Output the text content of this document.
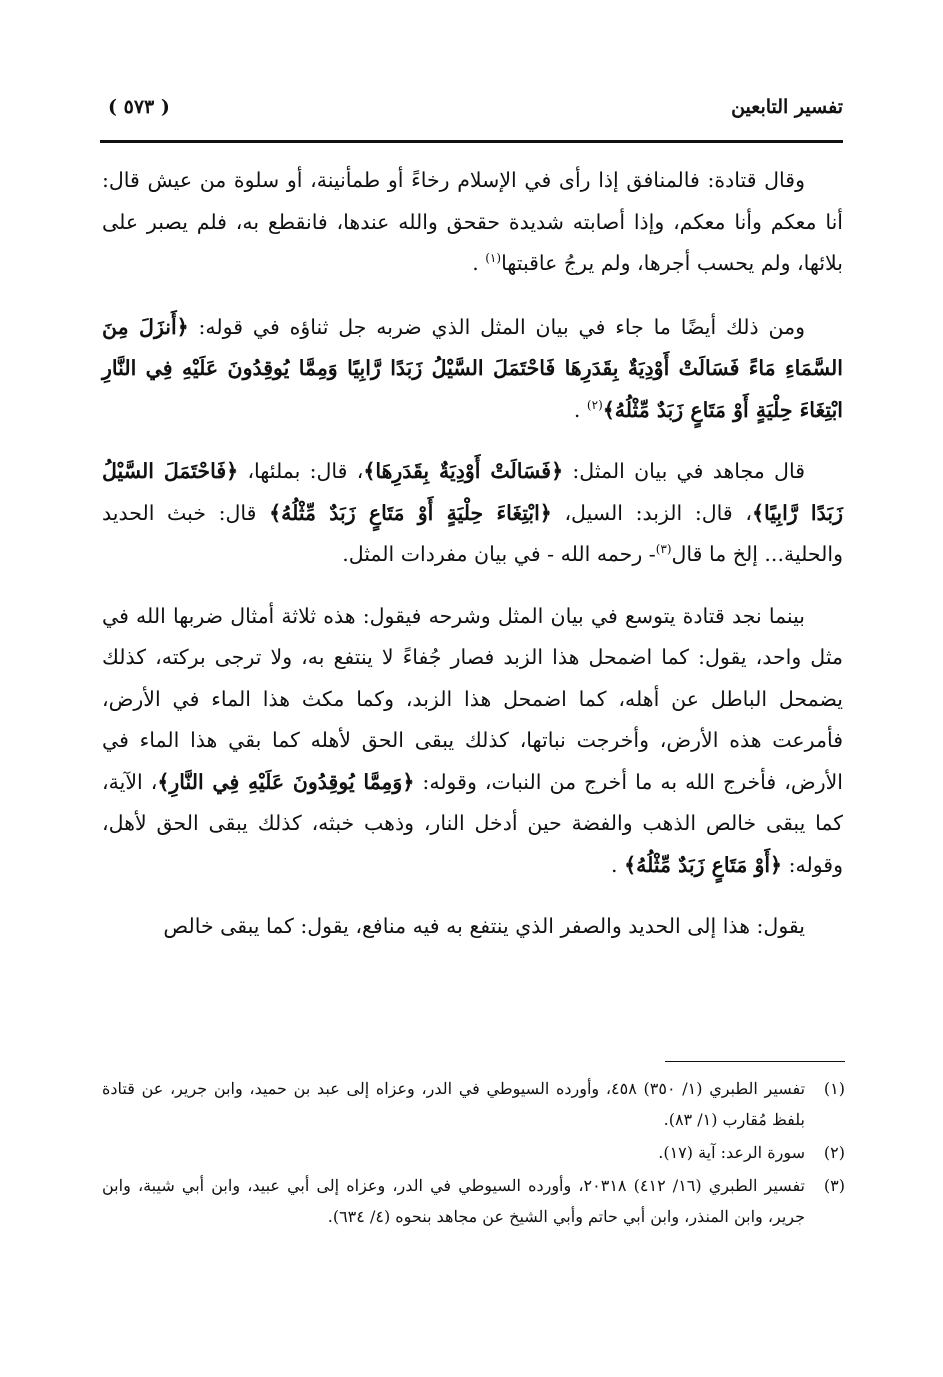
تفسير التابعين
( ٥٧٣ )

وقال قتادة: فالمنافق إذا رأى في الإسلام رخاءً أو طمأنينة، أو سلوة من عيش قال: أنا معكم وأنا معكم، وإذا أصابته شديدة حقحق والله عندها، فانقطع به، فلم يصبر على بلائها، ولم يحسب أجرها، ولم يرجُ عاقبتها$^{(١)}$ .

ومن ذلك أيضًا ما جاء في بيان المثل الذي ضربه جل ثناؤه في قوله: ﴿أَنزَلَ مِنَ السَّمَاءِ مَاءً فَسَالَتْ أَوْدِيَةٌ بِقَدَرِهَا فَاحْتَمَلَ السَّيْلُ زَبَدًا رَّابِيًا وَمِمَّا يُوقِدُونَ عَلَيْهِ فِي النَّارِ ابْتِغَاءَ حِلْيَةٍ أَوْ مَتَاعٍ زَبَدٌ مِّثْلُهُ﴾$^{(٢)}$ .

قال مجاهد في بيان المثل: ﴿فَسَالَتْ أَوْدِيَةٌ بِقَدَرِهَا﴾، قال: بملئها، ﴿فَاحْتَمَلَ السَّيْلُ زَبَدًا رَّابِيًا﴾، قال: الزبد: السيل، ﴿ابْتِغَاءَ حِلْيَةٍ أَوْ مَتَاعٍ زَبَدٌ مِّثْلُهُ﴾ قال: خبث الحديد والحلية... إلخ ما قال$^{(٣)}$- رحمه الله - في بيان مفردات المثل.

بينما نجد قتادة يتوسع في بيان المثل وشرحه فيقول: هذه ثلاثة أمثال ضربها الله في مثل واحد، يقول: كما اضمحل هذا الزبد فصار جُفاءً لا ينتفع به، ولا ترجى بركته، كذلك يضمحل الباطل عن أهله، كما اضمحل هذا الزبد، وكما مكث هذا الماء في الأرض، فأمرعت هذه الأرض، وأخرجت نباتها، كذلك يبقى الحق لأهله كما بقي هذا الماء في الأرض، فأخرج الله به ما أخرج من النبات، وقوله: ﴿وَمِمَّا يُوقِدُونَ عَلَيْهِ فِي النَّارِ﴾، الآية، كما يبقى خالص الذهب والفضة حين أدخل النار، وذهب خبثه، كذلك يبقى الحق لأهل، وقوله: ﴿أَوْ مَتَاعٍ زَبَدٌ مِّثْلُهُ﴾ .

يقول: هذا إلى الحديد والصفر الذي ينتفع به فيه منافع، يقول: كما يبقى خالص

(١)
تفسير الطبري (١/ ٣٥٠) ٤٥٨، وأورده السيوطي في الدر، وعزاه إلى عبد بن حميد، وابن جرير، عن قتادة بلفظ مُقارب (١/ ٨٣).
(٢)
سورة الرعد: آية (١٧).
(٣)
تفسير الطبري (١٦/ ٤١٢) ٢٠٣١٨، وأورده السيوطي في الدر، وعزاه إلى أبي عبيد، وابن أبي شيبة، وابن جرير، وابن المنذر، وابن أبي حاتم وأبي الشيخ عن مجاهد بنحوه (٤/ ٦٣٤).
